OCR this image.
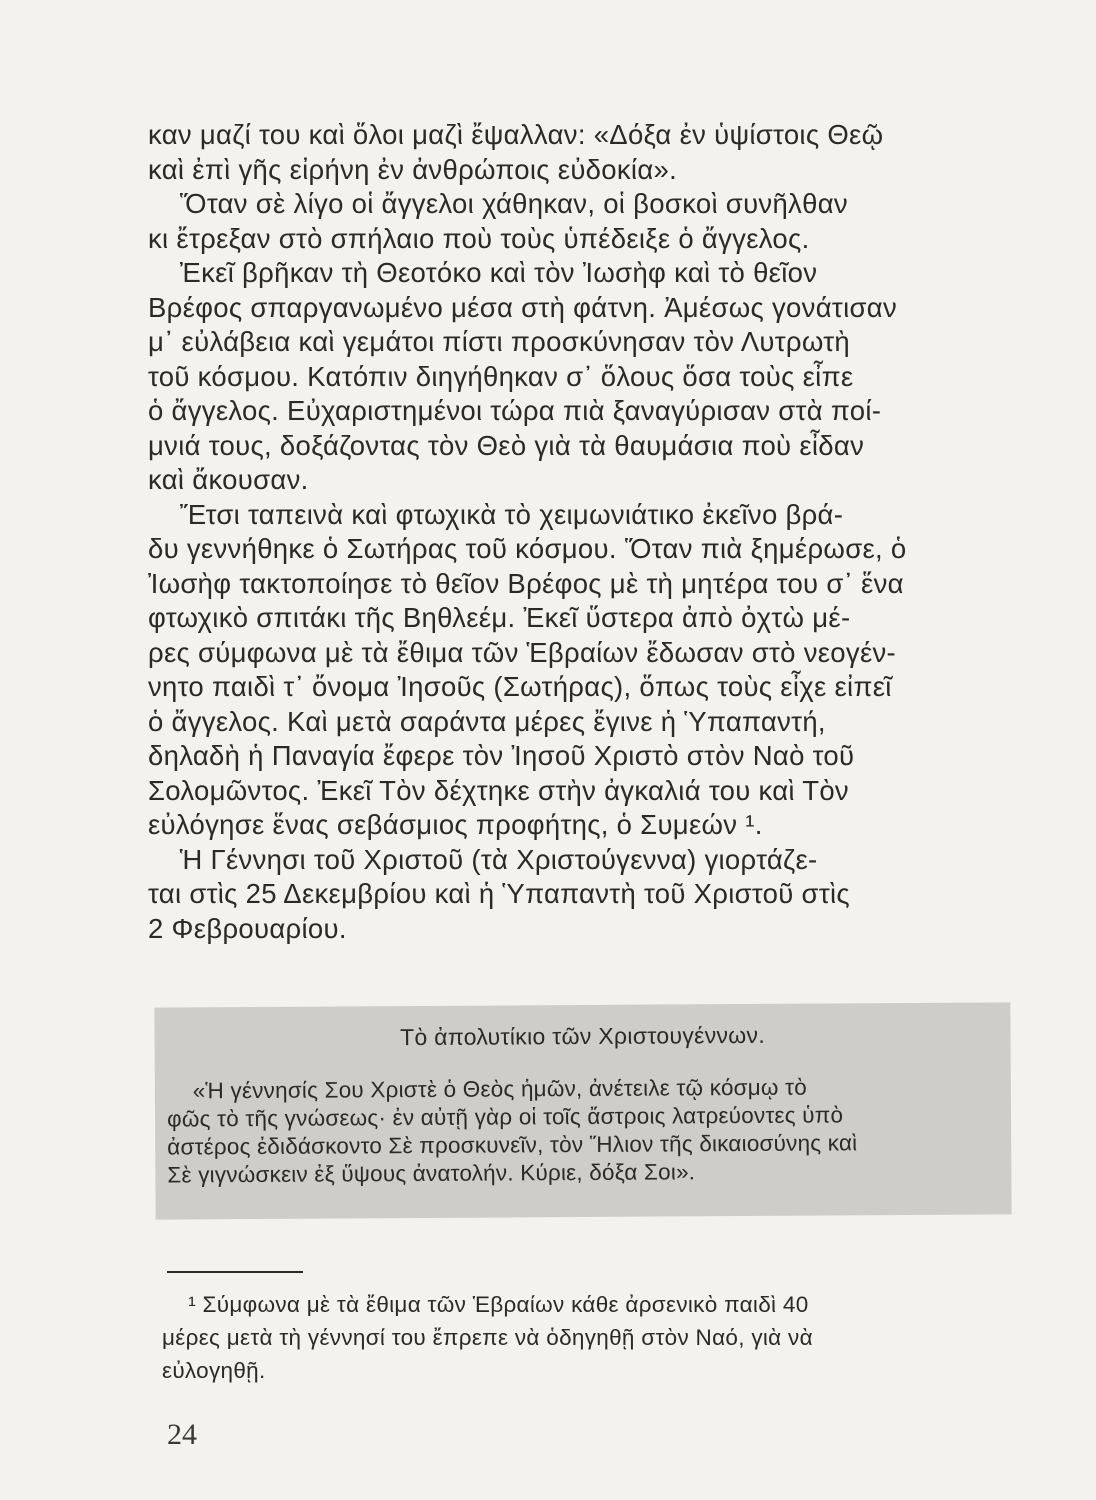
καν μαζί του καὶ ὅλοι μαζὶ ἔψαλλαν: «Δόξα ἐν ὑψίστοις Θεῷ
καὶ ἐπὶ γῆς εἰρήνη ἐν ἀνθρώποις εὐδοκία».
Ὅταν σὲ λίγο οἱ ἄγγελοι χάθηκαν, οἱ βοσκοὶ συνῆλθαν
κι ἔτρεξαν στὸ σπήλαιο ποὺ τοὺς ὑπέδειξε ὁ ἄγγελος.
Ἐκεῖ βρῆκαν τὴ Θεοτόκο καὶ τὸν Ἰωσὴφ καὶ τὸ θεῖον
Βρέφος σπαργανωμένο μέσα στὴ φάτνη. Ἀμέσως γονάτισαν
μ᾽ εὐλάβεια καὶ γεμάτοι πίστι προσκύνησαν τὸν Λυτρωτὴ
τοῦ κόσμου. Κατόπιν διηγήθηκαν σ᾽ ὅλους ὅσα τοὺς εἶπε
ὁ ἄγγελος. Εὐχαριστημένοι τώρα πιὰ ξαναγύρισαν στὰ ποί-
μνιά τους, δοξάζοντας τὸν Θεὸ γιὰ τὰ θαυμάσια ποὺ εἶδαν
καὶ ἄκουσαν.
Ἔτσι ταπεινὰ καὶ φτωχικὰ τὸ χειμωνιάτικο ἐκεῖνο βρά-
δυ γεννήθηκε ὁ Σωτήρας τοῦ κόσμου. Ὅταν πιὰ ξημέρωσε, ὁ
Ἰωσὴφ τακτοποίησε τὸ θεῖον Βρέφος μὲ τὴ μητέρα του σ᾽ ἕνα
φτωχικὸ σπιτάκι τῆς Βηθλεέμ. Ἐκεῖ ὕστερα ἀπὸ ὀχτὼ μέ-
ρες σύμφωνα μὲ τὰ ἔθιμα τῶν Ἑβραίων ἔδωσαν στὸ νεογέν-
νητο παιδὶ τ᾽ ὄνομα Ἰησοῦς (Σωτήρας), ὅπως τοὺς εἶχε εἰπεῖ
ὁ ἄγγελος. Καὶ μετὰ σαράντα μέρες ἔγινε ἡ Ὑπαπαντή,
δηλαδὴ ἡ Παναγία ἔφερε τὸν Ἰησοῦ Χριστὸ στὸν Ναὸ τοῦ
Σολομῶντος. Ἐκεῖ Τὸν δέχτηκε στὴν ἀγκαλιά του καὶ Τὸν
εὐλόγησε ἕνας σεβάσμιος προφήτης, ὁ Συμεών ¹.
Ἡ Γέννησι τοῦ Χριστοῦ (τὰ Χριστούγεννα) γιορτάζε-
ται στὶς 25 Δεκεμβρίου καὶ ἡ Ὑπαπαντὴ τοῦ Χριστοῦ στὶς
2 Φεβρουαρίου.
Τὸ ἀπολυτίκιο τῶν Χριστουγέννων.
«Ἡ γέννησίς Σου Χριστὲ ὁ Θεὸς ἡμῶν, ἀνέτειλε τῷ κόσμῳ τὸ
φῶς τὸ τῆς γνώσεως· ἐν αὐτῇ γὰρ οἱ τοῖς ἄστροις λατρεύοντες ὑπὸ
ἀστέρος ἐδιδάσκοντο Σὲ προσκυνεῖν, τὸν Ἥλιον τῆς δικαιοσύνης καὶ
Σὲ γιγνώσκειν ἐξ ὕψους ἀνατολήν. Κύριε, δόξα Σοι».
¹ Σύμφωνα μὲ τὰ ἔθιμα τῶν Ἑβραίων κάθε ἀρσενικὸ παιδὶ 40
μέρες μετὰ τὴ γέννησί του ἔπρεπε νὰ ὁδηγηθῇ στὸν Ναό, γιὰ νὰ
εὐλογηθῇ.
24
